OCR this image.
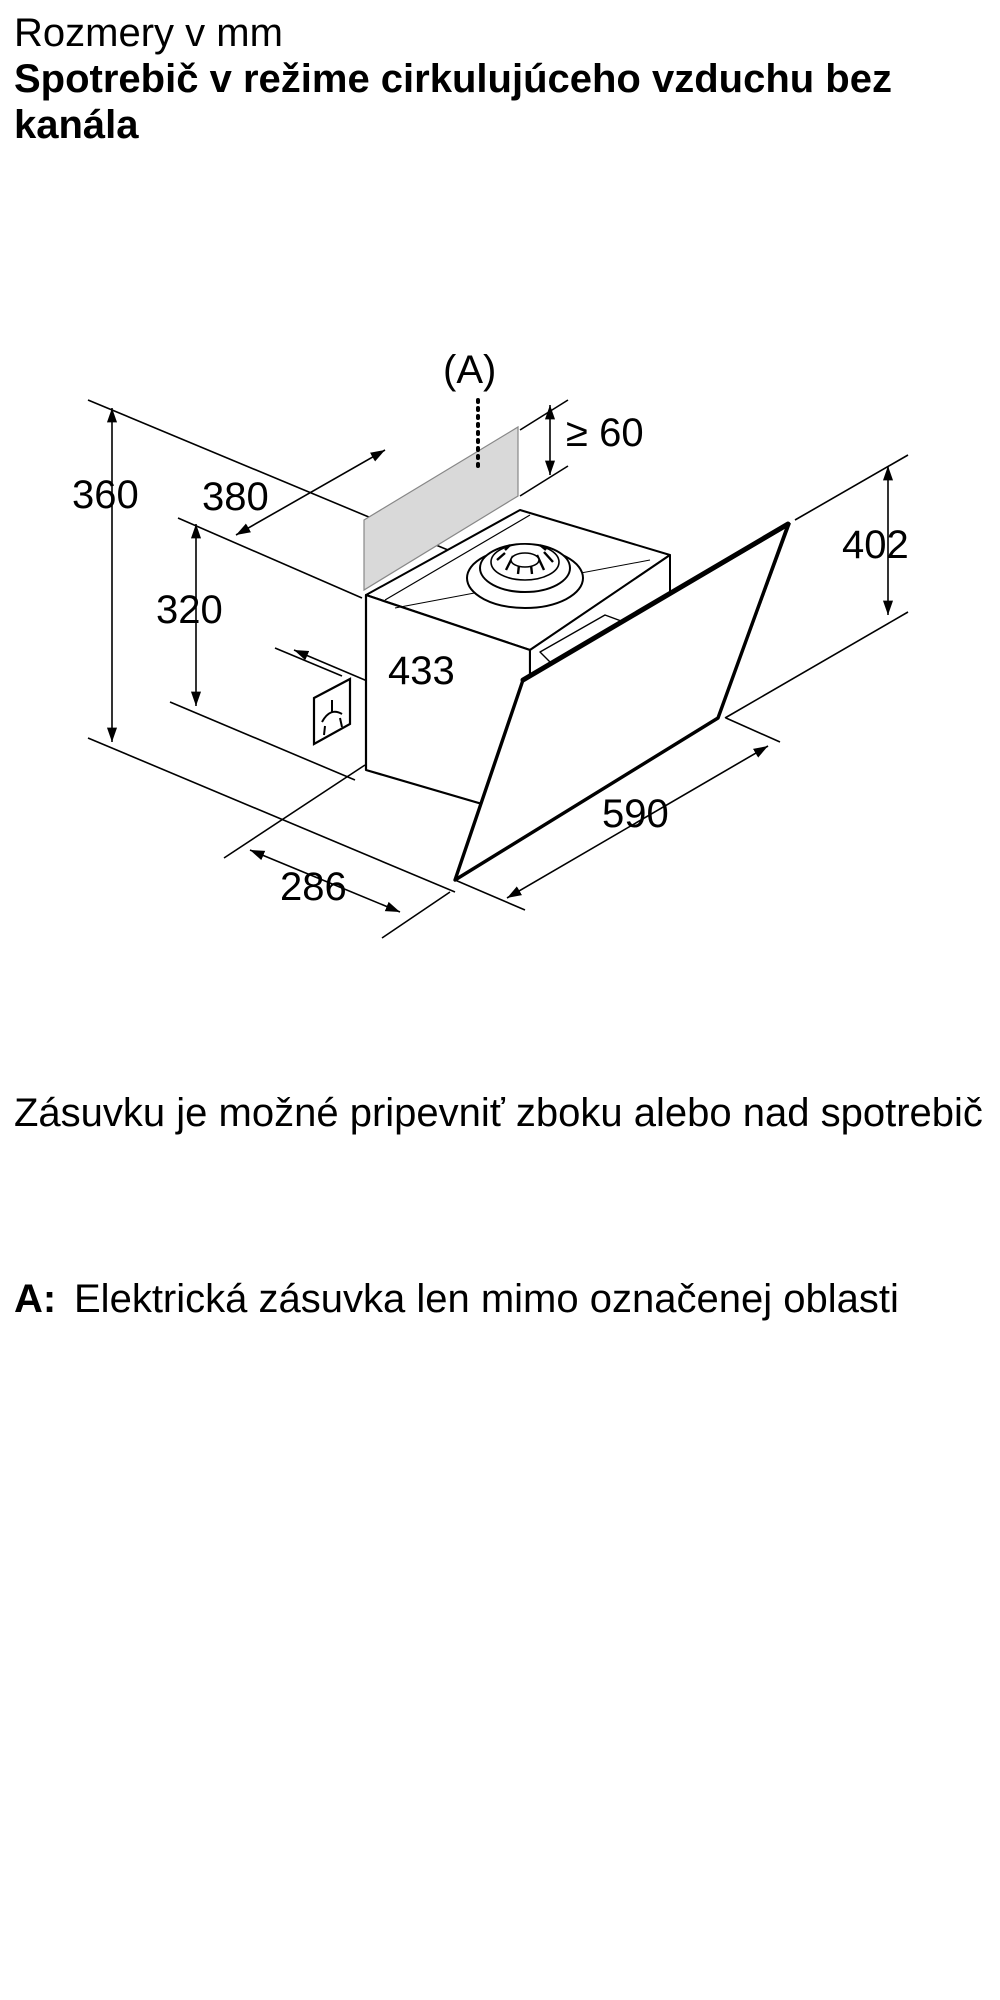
Rozmery v mm
Spotrebič v režime cirkulujúceho vzduchu bez kanála
(A)
360 380
320
433
≥ 60
402
590
286
Zásuvku je možné pripevniť zboku alebo nad spotrebič
A: Elektrická zásuvka len mimo označenej oblasti
